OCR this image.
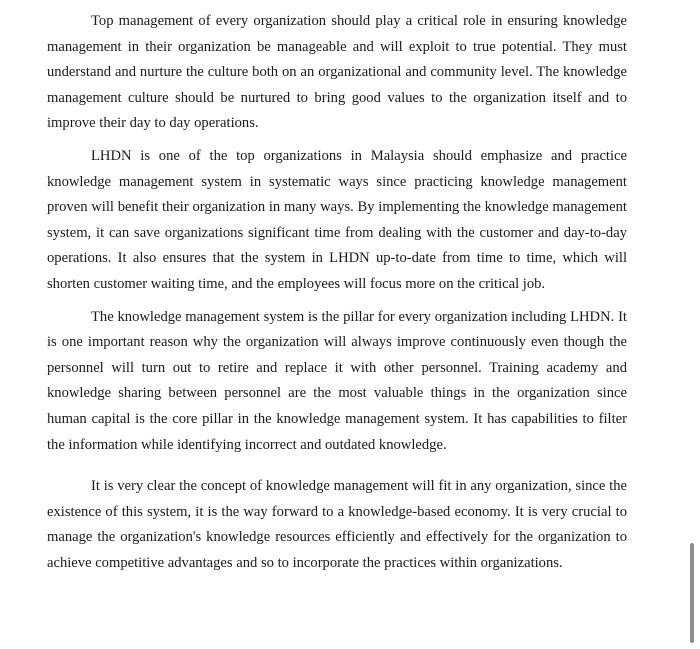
Top management of every organization should play a critical role in ensuring knowledge management in their organization be manageable and will exploit to true potential. They must understand and nurture the culture both on an organizational and community level. The knowledge management culture should be nurtured to bring good values to the organization itself and to improve their day to day operations.

LHDN is one of the top organizations in Malaysia should emphasize and practice knowledge management system in systematic ways since practicing knowledge management proven will benefit their organization in many ways. By implementing the knowledge management system, it can save organizations significant time from dealing with the customer and day-to-day operations. It also ensures that the system in LHDN up-to-date from time to time, which will shorten customer waiting time, and the employees will focus more on the critical job.

The knowledge management system is the pillar for every organization including LHDN. It is one important reason why the organization will always improve continuously even though the personnel will turn out to retire and replace it with other personnel. Training academy and knowledge sharing between personnel are the most valuable things in the organization since human capital is the core pillar in the knowledge management system. It has capabilities to filter the information while identifying incorrect and outdated knowledge.

It is very clear the concept of knowledge management will fit in any organization, since the existence of this system, it is the way forward to a knowledge-based economy. It is very crucial to manage the organization's knowledge resources efficiently and effectively for the organization to achieve competitive advantages and so to incorporate the practices within organizations.
